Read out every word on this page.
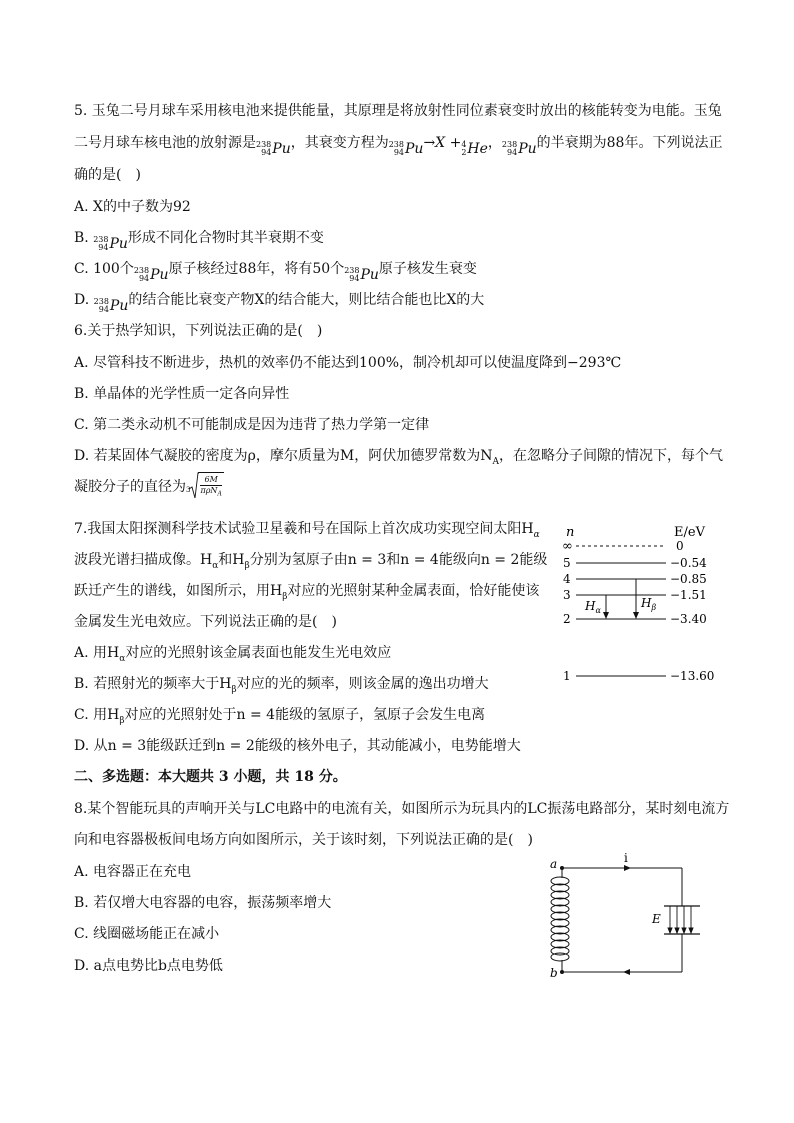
5. 玉兔二号月球车采用核电池来提供能量，其原理是将放射性同位素衰变时放出的核能转变为电能。玉兔
二号月球车核电池的放射源是 238
94 Pu ，其衰变方程为 238
94 Pu →X + 4
2 He ， 238
94 Pu 的半衰期为88年。下列说法正
确的是(　)
A. X的中子数为92
B. 238
94 Pu 形成不同化合物时其半衰期不变
C. 100个 238
94 Pu 原子核经过88年，将有50个 238
94 Pu 原子核发生衰变
D. 238
94 Pu 的结合能比衰变产物X的结合能大，则比结合能也比X的大
6.关于热学知识，下列说法正确的是(　)
A. 尽管科技不断进步，热机的效率仍不能达到100%，制冷机却可以使温度降到−293℃
B. 单晶体的光学性质一定各向异性
C. 第二类永动机不可能制成是因为违背了热力学第一定律
D. 若某固体气凝胶的密度为ρ，摩尔质量为M，阿伏加德罗常数为$N_A$，在忽略分子间隙的情况下，每个气
凝胶分子的直径为 3
6M
πρN$_A$
7.我国太阳探测科学技术试验卫星羲和号在国际上首次成功实现空间太阳$H_\alpha$
波段光谱扫描成像。$H_\alpha$和$H_\beta$分别为氢原子由n = 3和n = 4能级向n = 2能级
跃迁产生的谱线，如图所示，用$H_\beta$对应的光照射某种金属表面，恰好能使该
金属发生光电效应。下列说法正确的是(　)
A. 用$H_\alpha$对应的光照射该金属表面也能发生光电效应
B. 若照射光的频率大于$H_\beta$对应的光的频率，则该金属的逸出功增大
C. 用$H_\beta$对应的光照射处于n = 4能级的氢原子，氢原子会发生电离
D. 从n = 3能级跃迁到n = 2能级的核外电子，其动能减小，电势能增大
n	E/eV
∞	0
5	−0.54
4	−0.85
3	−1.51
2	−3.40
1	−13.60
$H_\alpha$
$H_\beta$
二、多选题：本大题共 3 小题，共 18 分。
8.某个智能玩具的声响开关与LC电路中的电流有关，如图所示为玩具内的LC振荡电路部分，某时刻电流方
向和电容器极板间电场方向如图所示，关于该时刻，下列说法正确的是(　)
A. 电容器正在充电
B. 若仅增大电容器的电容，振荡频率增大
C. 线圈磁场能正在减小
D. a点电势比b点电势低
i
E
a
b
